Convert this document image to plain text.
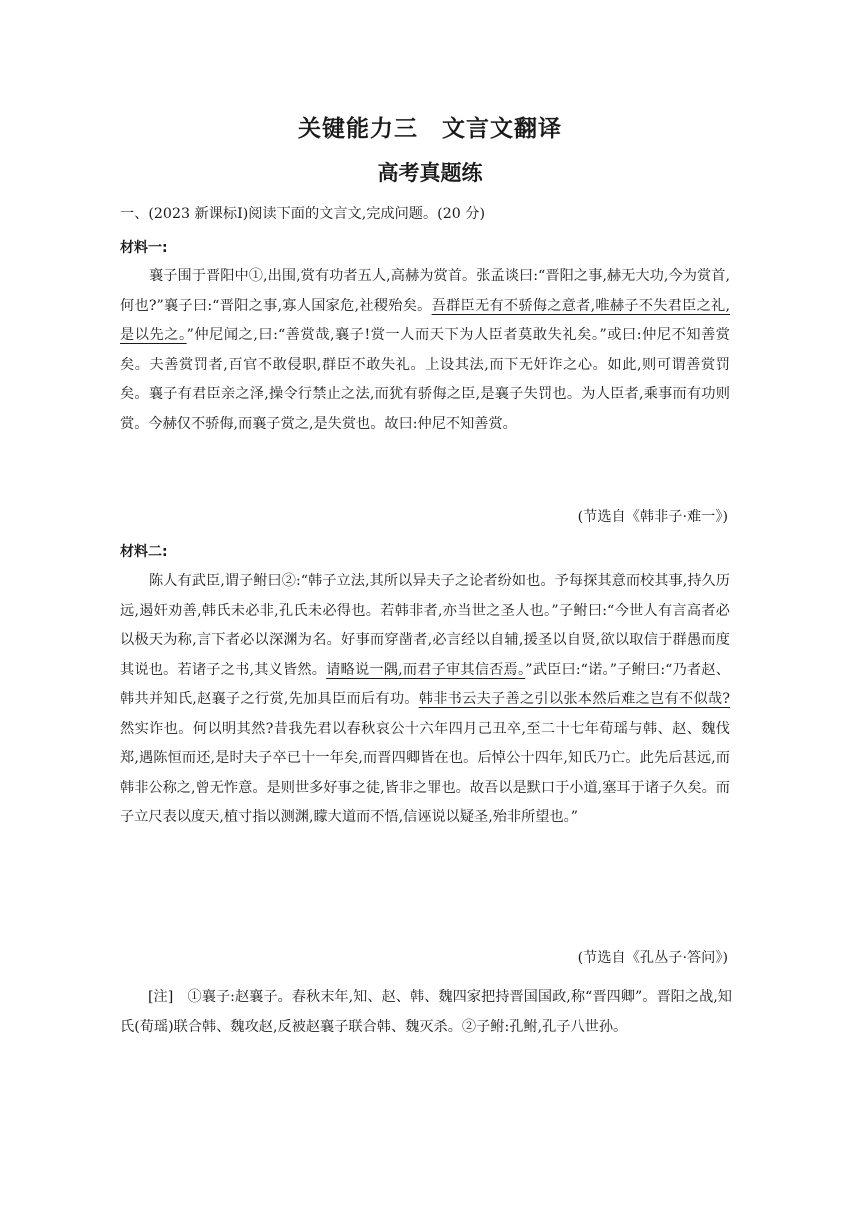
关键能力三　文言文翻译
高考真题练
一、(2023 新课标Ⅰ)阅读下面的文言文,完成问题。(20 分)
材料一:
襄子围于晋阳中①,出围,赏有功者五人,高赫为赏首。张孟谈曰:“晋阳之事,赫无大功,今为赏首,何也?”襄子曰:“晋阳之事,寡人国家危,社稷殆矣。吾群臣无有不骄侮之意者,唯赫子不失君臣之礼,是以先之。”仲尼闻之,曰:“善赏哉,襄子!赏一人而天下为人臣者莫敢失礼矣。”或曰:仲尼不知善赏矣。夫善赏罚者,百官不敢侵职,群臣不敢失礼。上设其法,而下无奸诈之心。如此,则可谓善赏罚矣。襄子有君臣亲之泽,操令行禁止之法,而犹有骄侮之臣,是襄子失罚也。为人臣者,乘事而有功则赏。今赫仅不骄侮,而襄子赏之,是失赏也。故曰:仲尼不知善赏。
(节选自《韩非子·难一》)
材料二:
陈人有武臣,谓子鲋曰②:“韩子立法,其所以异夫子之论者纷如也。予每探其意而校其事,持久历远,遏奸劝善,韩氏未必非,孔氏未必得也。若韩非者,亦当世之圣人也。”子鲋曰:“今世人有言高者必以极天为称,言下者必以深渊为名。好事而穿凿者,必言经以自辅,援圣以自贤,欲以取信于群愚而度其说也。若诸子之书,其义皆然。请略说一隅,而君子审其信否焉。”武臣曰:“诺。”子鲋曰:“乃者赵、韩共并知氏,赵襄子之行赏,先加具臣而后有功。韩非书云夫子善之引以张本然后难之岂有不似哉?然实诈也。何以明其然?昔我先君以春秋哀公十六年四月己丑卒,至二十七年荀瑶与韩、赵、魏伐郑,遇陈恒而还,是时夫子卒已十一年矣,而晋四卿皆在也。后悼公十四年,知氏乃亡。此先后甚远,而韩非公称之,曾无怍意。是则世多好事之徒,皆非之罪也。故吾以是默口于小道,塞耳于诸子久矣。而子立尺表以度天,植寸指以测渊,矇大道而不悟,信诬说以疑圣,殆非所望也。”
(节选自《孔丛子·答问》)
[注]　①襄子:赵襄子。春秋末年,知、赵、韩、魏四家把持晋国国政,称“晋四卿”。晋阳之战,知氏(荀瑶)联合韩、魏攻赵,反被赵襄子联合韩、魏灭杀。②子鲋:孔鲋,孔子八世孙。
